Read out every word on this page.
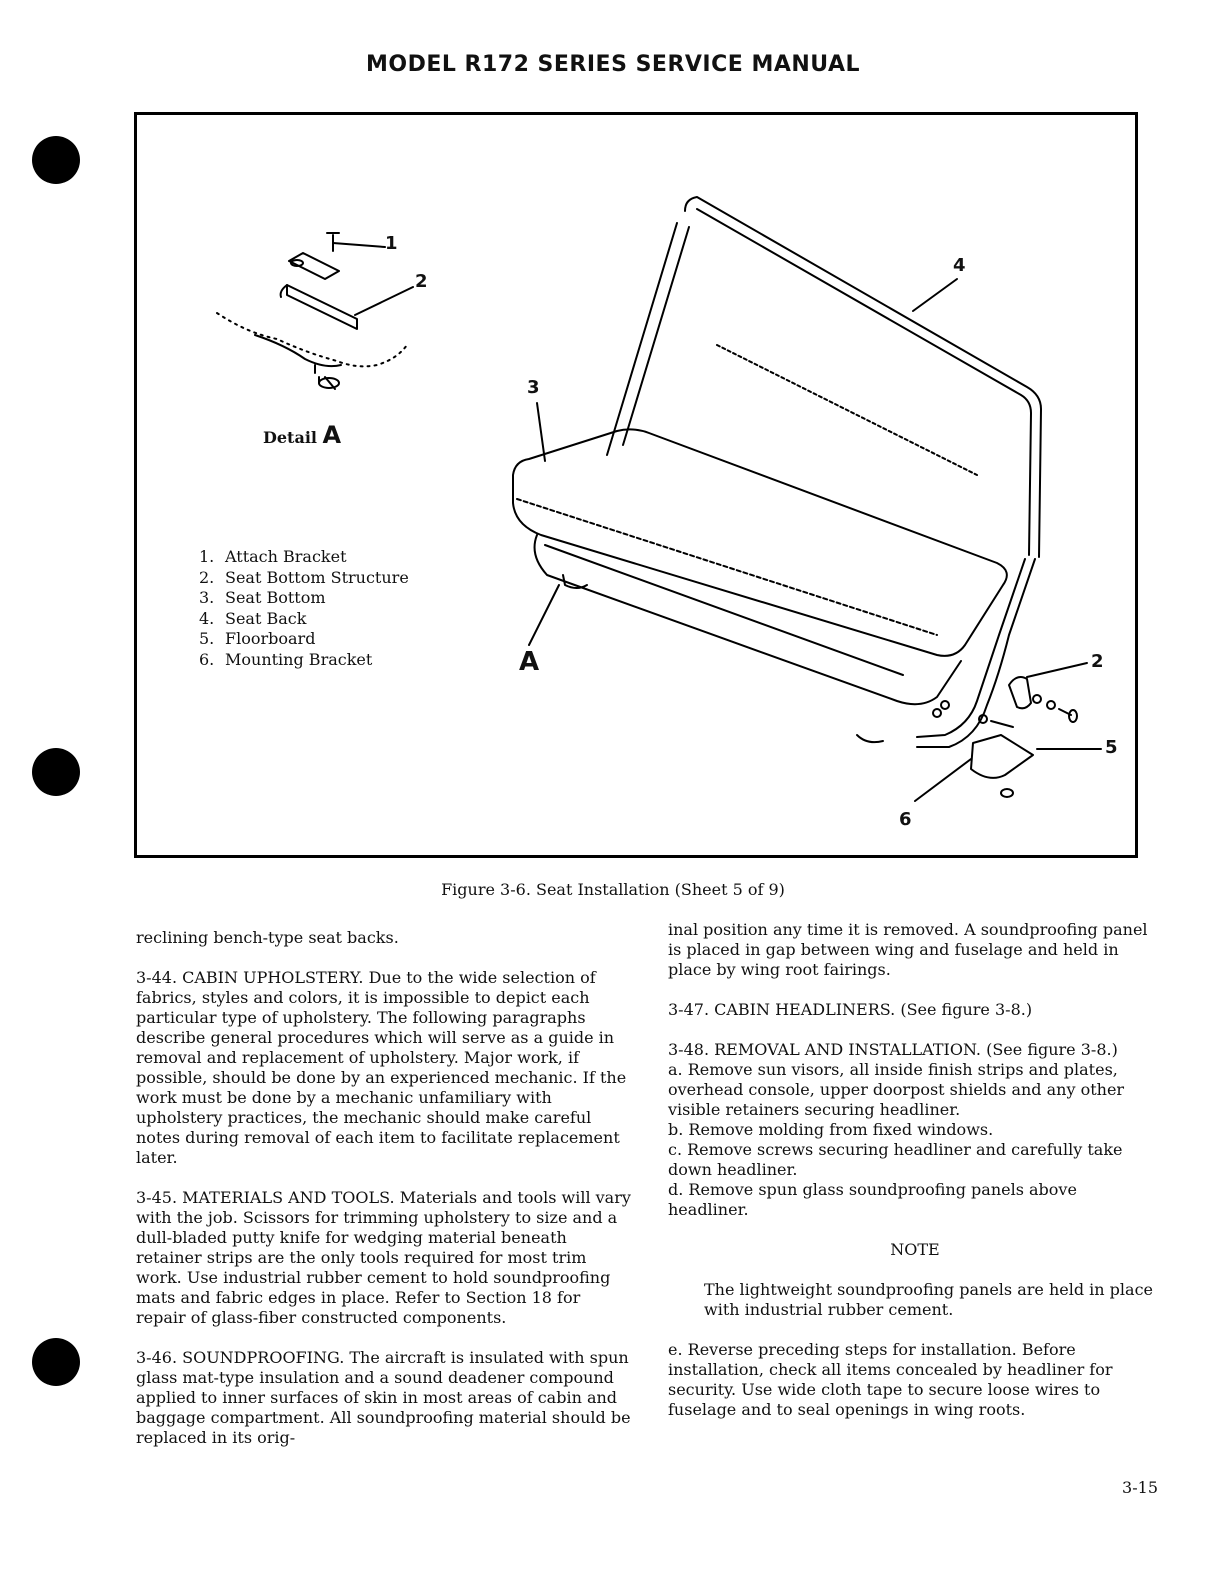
MODEL R172 SERIES SERVICE MANUAL
1
2
3
4
2
5
6
A
Detail A
1. Attach Bracket
2. Seat Bottom Structure
3. Seat Bottom
4. Seat Back
5. Floorboard
6. Mounting Bracket
Figure 3-6. Seat Installation (Sheet 5 of 9)

reclining bench-type seat backs.

3-44. CABIN UPHOLSTERY. Due to the wide selection of fabrics, styles and colors, it is impossible to depict each particular type of upholstery. The following paragraphs describe general procedures which will serve as a guide in removal and replacement of upholstery. Major work, if possible, should be done by an experienced mechanic. If the work must be done by a mechanic unfamiliary with upholstery practices, the mechanic should make careful notes during removal of each item to facilitate replacement later.

3-45. MATERIALS AND TOOLS. Materials and tools will vary with the job. Scissors for trimming upholstery to size and a dull-bladed putty knife for wedging material beneath retainer strips are the only tools required for most trim work. Use industrial rubber cement to hold soundproofing mats and fabric edges in place. Refer to Section 18 for repair of glass-fiber constructed components.

3-46. SOUNDPROOFING. The aircraft is insulated with spun glass mat-type insulation and a sound deadener compound applied to inner surfaces of skin in most areas of cabin and baggage compartment. All soundproofing material should be replaced in its orig-

inal position any time it is removed. A soundproofing panel is placed in gap between wing and fuselage and held in place by wing root fairings.

3-47. CABIN HEADLINERS. (See figure 3-8.)

3-48. REMOVAL AND INSTALLATION. (See figure 3-8.)

a. Remove sun visors, all inside finish strips and plates, overhead console, upper doorpost shields and any other visible retainers securing headliner.

b. Remove molding from fixed windows.

c. Remove screws securing headliner and carefully take down headliner.

d. Remove spun glass soundproofing panels above headliner.

NOTE

The lightweight soundproofing panels are held in place with industrial rubber cement.

e. Reverse preceding steps for installation. Before installation, check all items concealed by headliner for security. Use wide cloth tape to secure loose wires to fuselage and to seal openings in wing roots.

3-15
